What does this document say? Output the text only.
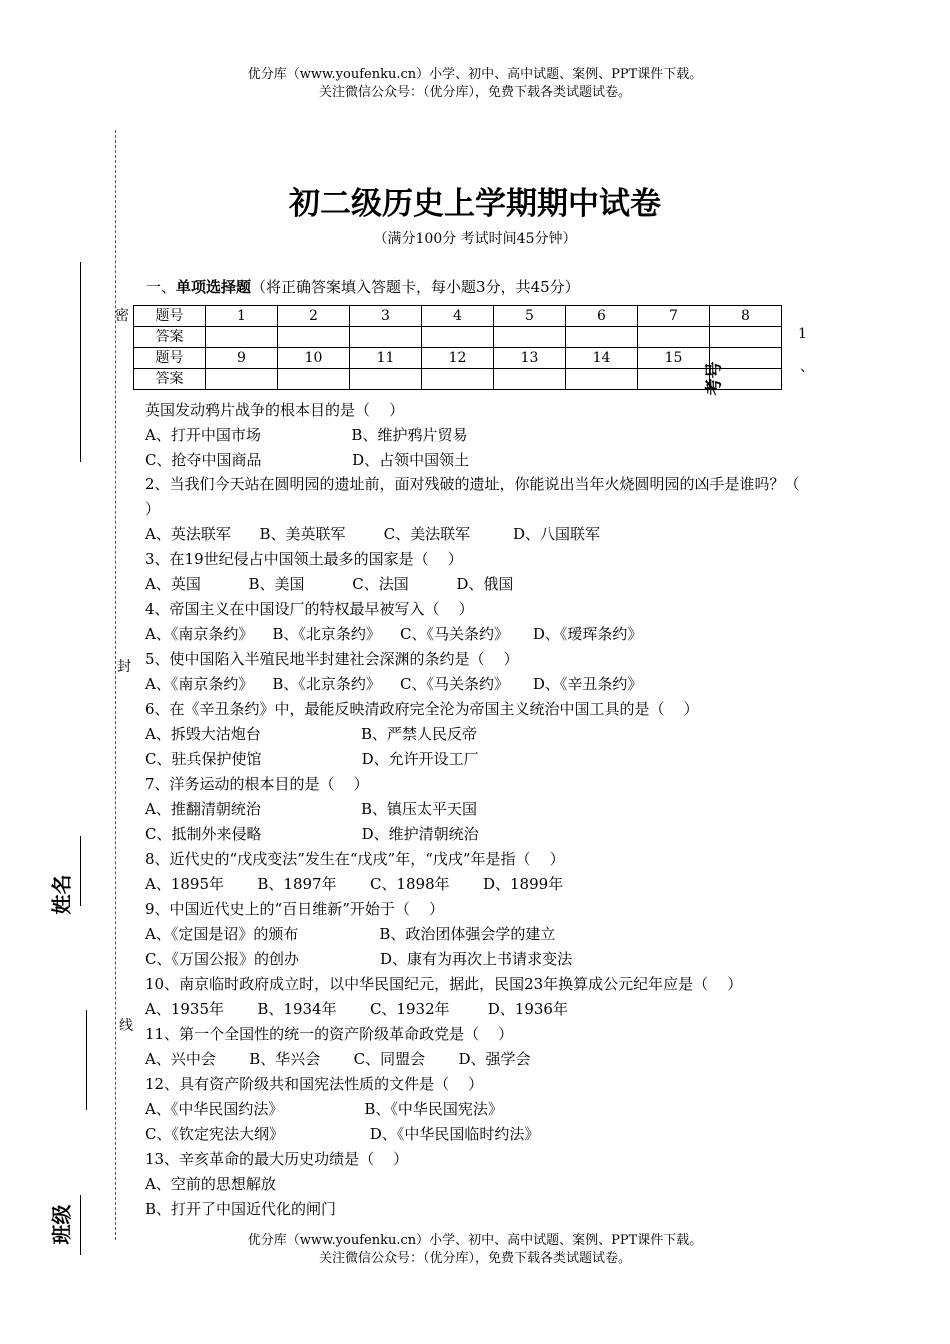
优分库（www.youfenku.cn）小学、初中、高中试题、案例、PPT课件下载。
关注微信公众号：（优分库），免费下载各类试题试卷。
密
封
线
姓名
班级
考号
1
、
初二级历史上学期期中试卷
（满分100分 考试时间45分钟）
一、单项选择题（将正确答案填入答题卡，每小题3分，共45分）
题号	1	2	3	4	5	6	7	8
答案								
题号	9	10	11	12	13	14	15	
答案								
英国发动鸦片战争的根本目的是（    ）
A、打开中国市场                   B、维护鸦片贸易
C、抢夺中国商品                   D、占领中国领土
2、当我们今天站在圆明园的遗址前，面对残破的遗址，你能说出当年火烧圆明园的凶手是谁吗？（ ）
A、英法联军      B、美英联军        C、美法联军         D、八国联军
3、在19世纪侵占中国领土最多的国家是（    ）
A、英国          B、美国          C、法国          D、俄国
4、帝国主义在中国设厂的特权最早被写入（    ）
A、《南京条约》    B、《北京条约》    C、《马关条约》     D、《瑷珲条约》
5、使中国陷入半殖民地半封建社会深渊的条约是（    ）
A、《南京条约》    B、《北京条约》    C、《马关条约》     D、《辛丑条约》
6、在《辛丑条约》中，最能反映清政府完全沦为帝国主义统治中国工具的是（    ）
A、拆毁大沽炮台                     B、严禁人民反帝
C、驻兵保护使馆                     D、允许开设工厂
7、洋务运动的根本目的是（    ）
A、推翻清朝统治                     B、镇压太平天国
C、抵制外来侵略                     D、维护清朝统治
8、近代史的“戊戌变法”发生在“戊戌”年，“戊戌”年是指（    ）
A、1895年       B、1897年       C、1898年       D、1899年
9、中国近代史上的“百日维新”开始于（    ）
A、《定国是诏》的颁布                 B、政治团体强会学的建立
C、《万国公报》的创办                 D、康有为再次上书请求变法
10、南京临时政府成立时，以中华民国纪元，据此，民国23年换算成公元纪年应是（    ）
A、1935年       B、1934年       C、1932年        D、1936年
11、第一个全国性的统一的资产阶级革命政党是（    ）
A、兴中会       B、华兴会       C、同盟会       D、强学会
12、具有资产阶级共和国宪法性质的文件是（    ）
A、《中华民国约法》                 B、《中华民国宪法》
C、《钦定宪法大纲》                  D、《中华民国临时约法》
13、辛亥革命的最大历史功绩是（    ）
A、空前的思想解放
B、打开了中国近代化的闸门
优分库（www.youfenku.cn）小学、初中、高中试题、案例、PPT课件下载。
关注微信公众号：（优分库），免费下载各类试题试卷。
